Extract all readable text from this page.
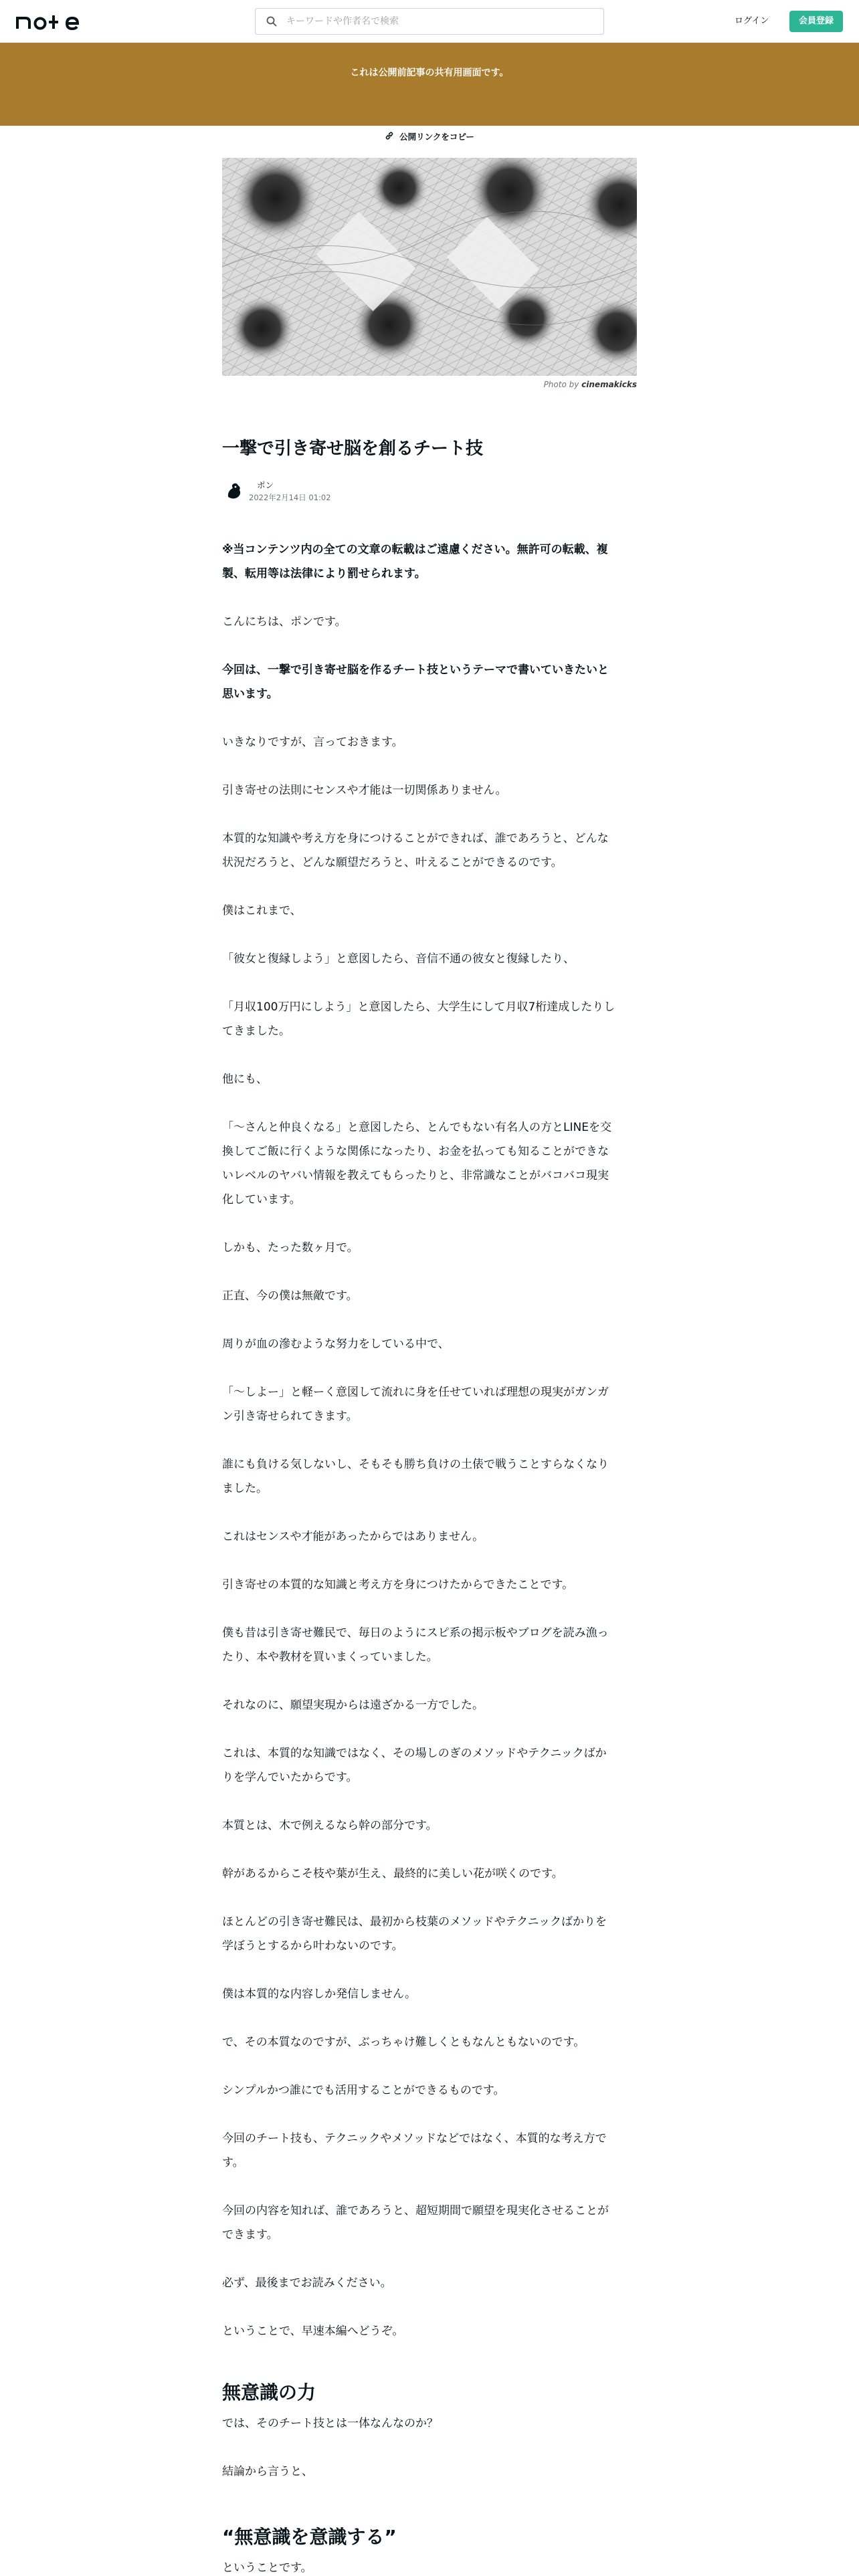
キーワードや作者名で検索
ログイン	会員登録
これは公開前記事の共有用画面です。
公開リンクをコピー
Photo by cinemakicks
一撃で引き寄せ脳を創るチート技
ポン
2022年2月14日 01:02
※当コンテンツ内の全ての文章の転載はご遠慮ください。無許可の転載、複
製、転用等は法律により罰せられます。
こんにちは、ポンです。
今回は、一撃で引き寄せ脳を作るチート技というテーマで書いていきたいと
思います。
いきなりですが、言っておきます。
引き寄せの法則にセンスや才能は一切関係ありません。
本質的な知識や考え方を身につけることができれば、誰であろうと、どんな
状況だろうと、どんな願望だろうと、叶えることができるのです。
僕はこれまで、
「彼女と復縁しよう」と意図したら、音信不通の彼女と復縁したり、
「月収100万円にしよう」と意図したら、大学生にして月収7桁達成したりし
てきました。
他にも、
「〜さんと仲良くなる」と意図したら、とんでもない有名人の方とLINEを交
換してご飯に行くような関係になったり、お金を払っても知ることができな
いレベルのヤバい情報を教えてもらったりと、非常識なことがバコバコ現実
化しています。
しかも、たった数ヶ月で。
正直、今の僕は無敵です。
周りが血の滲むような努力をしている中で、
「〜しよー」と軽ーく意図して流れに身を任せていれば理想の現実がガンガ
ン引き寄せられてきます。
誰にも負ける気しないし、そもそも勝ち負けの土俵で戦うことすらなくなり
ました。
これはセンスや才能があったからではありません。
引き寄せの本質的な知識と考え方を身につけたからできたことです。
僕も昔は引き寄せ難民で、毎日のようにスピ系の掲示板やブログを読み漁っ
たり、本や教材を買いまくっていました。
それなのに、願望実現からは遠ざかる一方でした。
これは、本質的な知識ではなく、その場しのぎのメソッドやテクニックばか
りを学んでいたからです。
本質とは、木で例えるなら幹の部分です。
幹があるからこそ枝や葉が生え、最終的に美しい花が咲くのです。
ほとんどの引き寄せ難民は、最初から枝葉のメソッドやテクニックばかりを
学ぼうとするから叶わないのです。
僕は本質的な内容しか発信しません。
で、その本質なのですが、ぶっちゃけ難しくともなんともないのです。
シンプルかつ誰にでも活用することができるものです。
今回のチート技も、テクニックやメソッドなどではなく、本質的な考え方で
す。
今回の内容を知れば、誰であろうと、超短期間で願望を現実化させることが
できます。
必ず、最後までお読みください。
ということで、早速本編へどうぞ。
無意識の力
では、そのチート技とは一体なんなのか？
結論から言うと、
“無意識を意識する”
ということです。
